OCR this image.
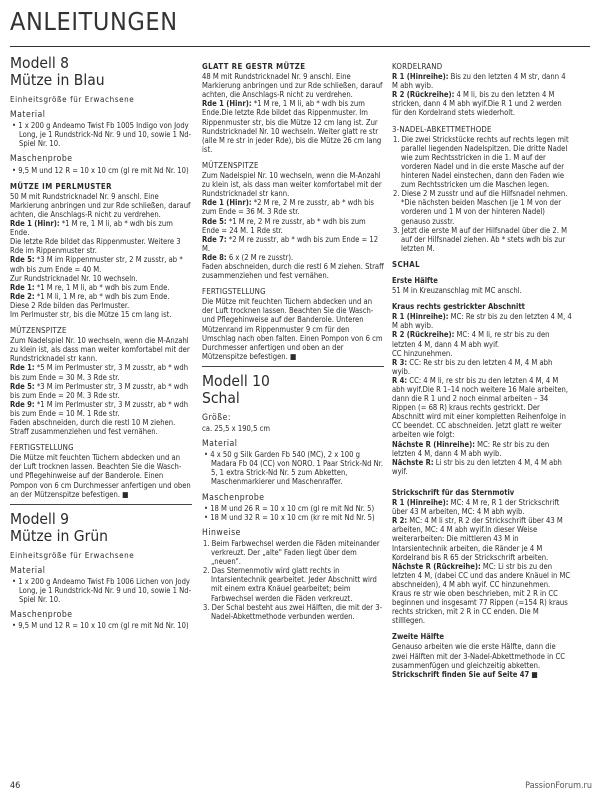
ANLEITUNGEN
Modell 8
Mütze in Blau
Einheitsgröße für Erwachsene
Material
• 1 x 200 g Andeamo Twist Fb 1005 Indigo von Jody Long, je 1 Rundstrick-Nd Nr. 9 und 10, sowie 1 Nd-Spiel Nr. 10.
Maschenprobe
• 9,5 M und 12 R = 10 x 10 cm (gl re mit Nd Nr. 10)
MÜTZE IM PERLMUSTER
50 M mit Rundstricknadel Nr. 9 anschl. Eine Markierung anbringen und zur Rde schließen, darauf achten, die Anschlags-R nicht zu verdrehen.
Rde 1 (Hinr): *1 M re, 1 M li, ab * wdh bis zum Ende.
Die letzte Rde bildet das Rippenmuster. Weitere 3 Rde im Rippenmuster str.
Rde 5: *3 M im Rippenmuster str, 2 M zusstr, ab * wdh bis zum Ende = 40 M.
Zur Rundstricknadel Nr. 10 wechseln.
Rde 1: *1 M re, 1 M li, ab * wdh bis zum Ende.
Rde 2: *1 M li, 1 M re, ab * wdh bis zum Ende.
Diese 2 Rde bilden das Perlmuster.
Im Perlmuster str, bis die Mütze 15 cm lang ist.
MÜTZENSPITZE
Zum Nadelspiel Nr. 10 wechseln, wenn die M-Anzahl zu klein ist, als dass man weiter komfortabel mit der Rundstricknadel str kann.
Rde 1: *5 M im Perlmuster str, 3 M zusstr, ab * wdh bis zum Ende = 30 M. 3 Rde str.
Rde 5: *3 M im Perlmuster str, 3 M zusstr, ab * wdh bis zum Ende = 20 M. 3 Rde str.
Rde 9: *1 M im Perlmuster str, 3 M zusstr, ab * wdh bis zum Ende = 10 M. 1 Rde str.
Faden abschneiden, durch die restl 10 M ziehen. Straff zusammenziehen und fest vernähen.
FERTIGSTELLUNG
Die Mütze mit feuchten Tüchern abdecken und an der Luft trocknen lassen. Beachten Sie die Wasch- und Pflegehinweise auf der Banderole. Einen Pompon von 6 cm Durchmesser anfertigen und oben an der Mützenspitze befestigen. ■
Modell 9
Mütze in Grün
Einheitsgröße für Erwachsene
Material
• 1 x 200 g Andeamo Twist Fb 1006 Lichen von Jody Long, je 1 Rundstrick-Nd Nr. 9 und 10, sowie 1 Nd-Spiel Nr. 10.
Maschenprobe
• 9,5 M und 12 R = 10 x 10 cm (gl re mit Nd Nr. 10)
GLATT RE GESTR MÜTZE
48 M mit Rundstricknadel Nr. 9 anschl. Eine Markierung anbringen und zur Rde schließen, darauf achten, die Anschlags-R nicht zu verdrehen.
Rde 1 (Hinr): *1 M re, 1 M li, ab * wdh bis zum Ende.Die letzte Rde bildet das Rippenmuster. Im Rippenmuster str, bis die Mütze 12 cm lang ist. Zur Rundstricknadel Nr. 10 wechseln. Weiter glatt re str (alle M re str in jeder Rde), bis die Mütze 26 cm lang ist.
MÜTZENSPITZE
Zum Nadelspiel Nr. 10 wechseln, wenn die M-Anzahl zu klein ist, als dass man weiter komfortabel mit der Rundstricknadel str kann.
Rde 1 (Hinr): *2 M re, 2 M re zusstr, ab * wdh bis zum Ende = 36 M. 3 Rde str.
Rde 5: *1 M re, 2 M re zusstr, ab * wdh bis zum Ende = 24 M. 1 Rde str.
Rde 7: *2 M re zusstr, ab * wdh bis zum Ende = 12 M.
Rde 8: 6 x (2 M re zusstr).
Faden abschneiden, durch die restl 6 M ziehen. Straff zusammenziehen und fest vernähen.
FERTIGSTELLUNG
Die Mütze mit feuchten Tüchern abdecken und an der Luft trocknen lassen. Beachten Sie die Wasch- und Pflegehinweise auf der Banderole. Unteren Mützenrand im Rippenmuster 9 cm für den Umschlag nach oben falten. Einen Pompon von 6 cm Durchmesser anfertigen und oben an der Mützenspitze befestigen. ■
Modell 10
Schal
Größe:
ca. 25,5 x 190,5 cm
Material
• 4 x 50 g Silk Garden Fb 540 (MC), 2 x 100 g Madara Fb 04 (CC) von NORO. 1 Paar Strick-Nd Nr. 5, 1 extra Strick-Nd Nr. 5 zum Abketten, Maschenmarkierer und Maschenraffer.
Maschenprobe
• 18 M und 26 R = 10 x 10 cm (gl re mit Nd Nr. 5)
• 18 M und 32 R = 10 x 10 cm (kr re mit Nd Nr. 5)
Hinweise
1. Beim Farbwechsel werden die Fäden miteinander verkreuzt. Der „alte" Faden liegt über dem „neuen".
2. Das Sternenmotiv wird glatt rechts in Intarsientechnik gearbeitet. Jeder Abschnitt wird mit einem extra Knäuel gearbeitet; beim Farbwechsel werden die Fäden verkreuzt.
3. Der Schal besteht aus zwei Hälften, die mit der 3-Nadel-Abkettmethode verbunden werden.
KORDELRAND
R 1 (Hinreihe): Bis zu den letzten 4 M str, dann 4 M abh wyib.
R 2 (Rückreihe): 4 M li, bis zu den letzten 4 M stricken, dann 4 M abh wyif.Die R 1 und 2 werden für den Kordelrand stets wiederholt.
3-NADEL-ABKETTMETHODE
1. Die zwei Strickstücke rechts auf rechts legen mit parallel liegenden Nadelspitzen. Die dritte Nadel wie zum Rechtsstricken in die 1. M auf der vorderen Nadel und in die erste Masche auf der hinteren Nadel einstechen, dann den Faden wie zum Rechtsstricken um die Maschen legen.
2. Diese 2 M zusstr und auf die Hilfsnadel nehmen. *Die nächsten beiden Maschen (je 1 M von der vorderen und 1 M von der hinteren Nadel) genauso zusstr.
3. Jetzt die erste M auf der Hilfsnadel über die 2. M auf der Hilfsnadel ziehen. Ab * stets wdh bis zur letzten M.
SCHAL
Erste Hälfte
51 M in Kreuzanschlag mit MC anschl.
Kraus rechts gestrickter Abschnitt
R 1 (Hinreihe): MC: Re str bis zu den letzten 4 M, 4 M abh wyib.
R 2 (Rückreihe): MC: 4 M li, re str bis zu den letzten 4 M, dann 4 M abh wyif.
CC hinzunehmen.
R 3: CC: Re str bis zu den letzten 4 M, 4 M abh wyib.
R 4: CC: 4 M li, re str bis zu den letzten 4 M, 4 M abh wyif.Die R 1–14 noch weitere 16 Male arbeiten, dann die R 1 und 2 noch einmal arbeiten – 34 Rippen (= 68 R) kraus rechts gestrickt. Der Abschnitt wird mit einer kompletten Reihenfolge in CC beendet. CC abschneiden. Jetzt glatt re weiter arbeiten wie folgt:
Nächste R (Hinreihe): MC: Re str bis zu den letzten 4 M, dann 4 M abh wyib.
Nächste R: Li str bis zu den letzten 4 M, 4 M abh wyif.
Strickschrift für das Sternmotiv
R 1 (Hinreihe): MC: 4 M re, R 1 der Strickschrift über 43 M arbeiten, MC: 4 M abh wyib.
R 2: MC: 4 M li str, R 2 der Strickschrift über 43 M arbeiten, MC: 4 M abh wyif.In dieser Weise weiterarbeiten: Die mittleren 43 M in Intarsientechnik arbeiten, die Ränder je 4 M Kordelrand bis R 65 der Strickschrift arbeiten.
Nächste R (Rückreihe): MC: Li str bis zu den letzten 4 M, (dabei CC und das andere Knäuel in MC abschneiden), 4 M abh wyif. CC hinzunehmen.
Kraus re str wie oben beschrieben, mit 2 R in CC beginnen und insgesamt 77 Rippen (=154 R) kraus rechts stricken, mit 2 R in CC enden. Die M stilllegen.
Zweite Hälfte
Genauso arbeiten wie die erste Hälfte, dann die zwei Hälften mit der 3-Nadel-Abkettmethode in CC zusammenfügen und gleichzeitig abketten.
Strickschrift finden Sie auf Seite 47 ■
46	PassionForum.ru
